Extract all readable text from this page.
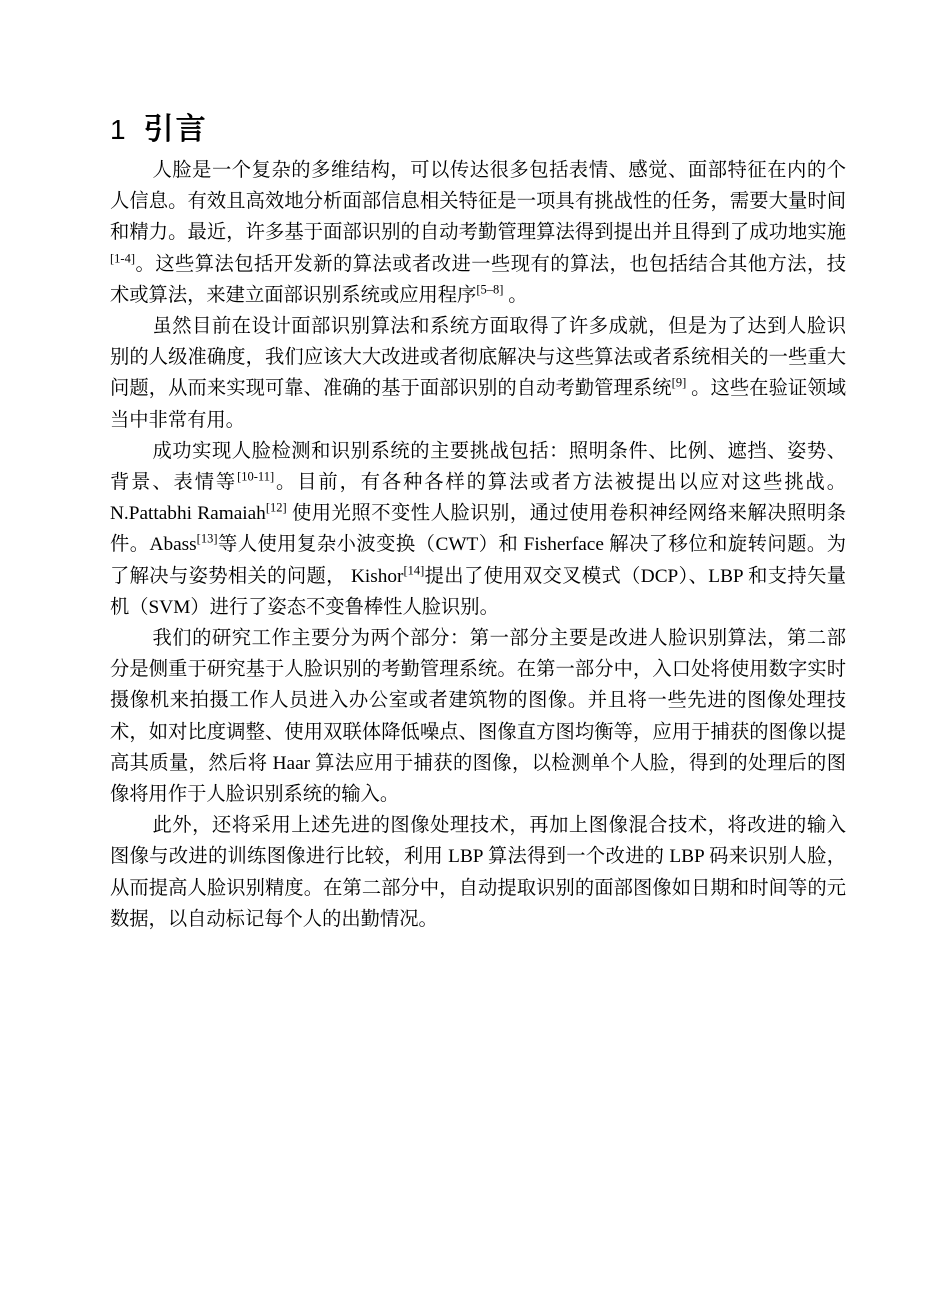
1 引言

人脸是一个复杂的多维结构，可以传达很多包括表情、感觉、面部特征在内的个人信息。有效且高效地分析面部信息相关特征是一项具有挑战性的任务，需要大量时间和精力。最近，许多基于面部识别的自动考勤管理算法得到提出并且得到了成功地实施[1-4]。这些算法包括开发新的算法或者改进一些现有的算法，也包括结合其他方法，技术或算法，来建立面部识别系统或应用程序[5–8] 。

虽然目前在设计面部识别算法和系统方面取得了许多成就，但是为了达到人脸识别的人级准确度，我们应该大大改进或者彻底解决与这些算法或者系统相关的一些重大问题，从而来实现可靠、准确的基于面部识别的自动考勤管理系统[9] 。这些在验证领域当中非常有用。

成功实现人脸检测和识别系统的主要挑战包括：照明条件、比例、遮挡、姿势、背景、表情等[10-11]。目前，有各种各样的算法或者方法被提出以应对这些挑战。N.Pattabhi Ramaiah[12] 使用光照不变性人脸识别，通过使用卷积神经网络来解决照明条件。Abass[13]等人使用复杂小波变换（CWT）和 Fisherface 解决了移位和旋转问题。为了解决与姿势相关的问题， Kishor[14]提出了使用双交叉模式（DCP）、LBP 和支持矢量机（SVM）进行了姿态不变鲁棒性人脸识别。

我们的研究工作主要分为两个部分：第一部分主要是改进人脸识别算法，第二部分是侧重于研究基于人脸识别的考勤管理系统。在第一部分中，入口处将使用数字实时摄像机来拍摄工作人员进入办公室或者建筑物的图像。并且将一些先进的图像处理技术，如对比度调整、使用双联体降低噪点、图像直方图均衡等，应用于捕获的图像以提高其质量，然后将 Haar 算法应用于捕获的图像，以检测单个人脸，得到的处理后的图像将用作于人脸识别系统的输入。

此外，还将采用上述先进的图像处理技术，再加上图像混合技术，将改进的输入图像与改进的训练图像进行比较，利用 LBP 算法得到一个改进的 LBP 码来识别人脸，从而提高人脸识别精度。在第二部分中，自动提取识别的面部图像如日期和时间等的元数据，以自动标记每个人的出勤情况。
